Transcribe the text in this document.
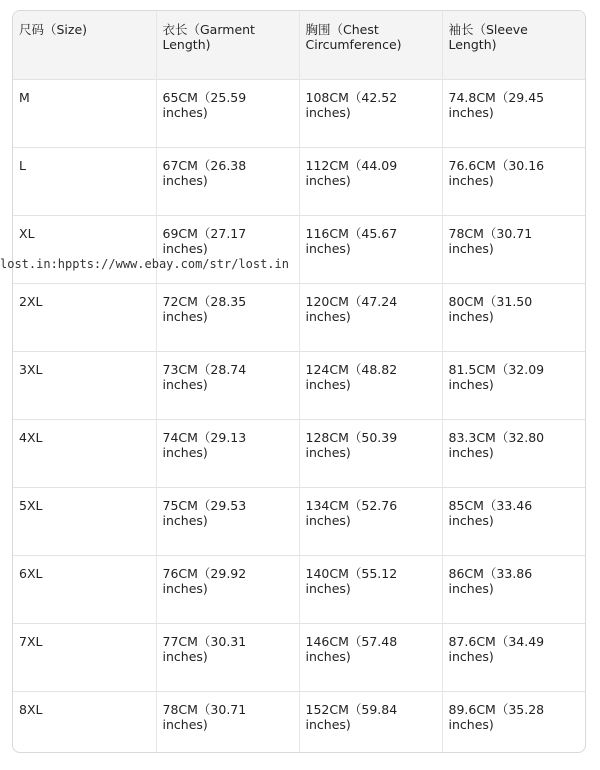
尺码（Size)	衣长（Garment Length)	胸围（Chest Circumference)	袖长（Sleeve Length)
M	65CM（25.59 inches)	108CM（42.52 inches)	74.8CM（29.45 inches)
L	67CM（26.38 inches)	112CM（44.09 inches)	76.6CM（30.16 inches)
XL	69CM（27.17 inches)	116CM（45.67 inches)	78CM（30.71 inches)
2XL	72CM（28.35 inches)	120CM（47.24 inches)	80CM（31.50 inches)
3XL	73CM（28.74 inches)	124CM（48.82 inches)	81.5CM（32.09 inches)
4XL	74CM（29.13 inches)	128CM（50.39 inches)	83.3CM（32.80 inches)
5XL	75CM（29.53 inches)	134CM（52.76 inches)	85CM（33.46 inches)
6XL	76CM（29.92 inches)	140CM（55.12 inches)	86CM（33.86 inches)
7XL	77CM（30.31 inches)	146CM（57.48 inches)	87.6CM（34.49 inches)
8XL	78CM（30.71 inches)	152CM（59.84 inches)	89.6CM（35.28 inches)
lost.in:hppts://www.ebay.com/str/lost.in
